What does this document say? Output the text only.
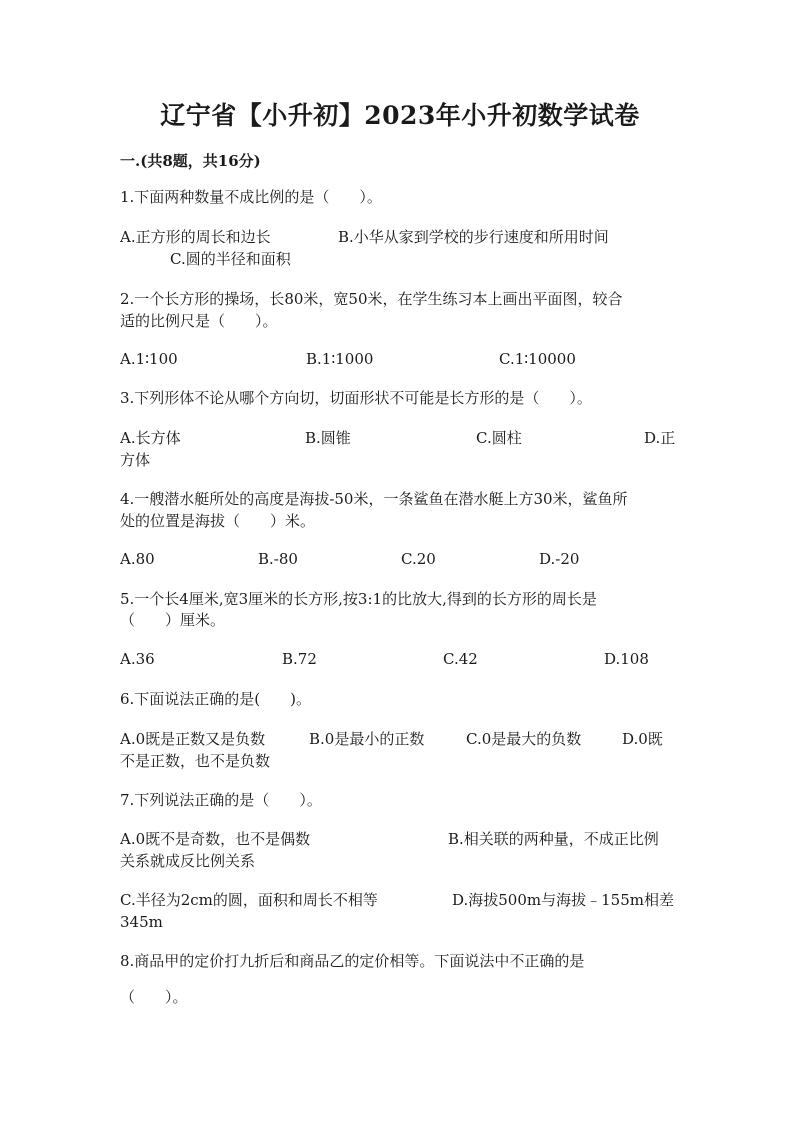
辽宁省【小升初】2023年小升初数学试卷
一.(共8题，共16分)
1.下面两种数量不成比例的是（　　）。
A.正方形的周长和边长	B.小华从家到学校的步行速度和所用时间
C.圆的半径和面积
2.一个长方形的操场，长80米，宽50米，在学生练习本上画出平面图，较合
适的比例尺是（　　）。
A.1∶100	B.1∶1000	C.1∶10000
3.下列形体不论从哪个方向切，切面形状不可能是长方形的是（　　）。
A.长方体	B.圆锥	C.圆柱	D.正
方体
4.一艘潜水艇所处的高度是海拔-50米，一条鲨鱼在潜水艇上方30米，鲨鱼所
处的位置是海拔（　　）米。
A.80	B.-80	C.20	D.-20
5.一个长4厘米,宽3厘米的长方形,按3:1的比放大,得到的长方形的周长是
（　　）厘米。
A.36	B.72	C.42	D.108
6.下面说法正确的是(　　)。
A.0既是正数又是负数	B.0是最小的正数	C.0是最大的负数	D.0既
不是正数，也不是负数
7.下列说法正确的是（　　）。
A.0既不是奇数，也不是偶数	B.相关联的两种量，不成正比例
关系就成反比例关系
C.半径为2cm的圆，面积和周长不相等	D.海拔500m与海拔﹣155m相差
345m
8.商品甲的定价打九折后和商品乙的定价相等。下面说法中不正确的是
（　　）。
